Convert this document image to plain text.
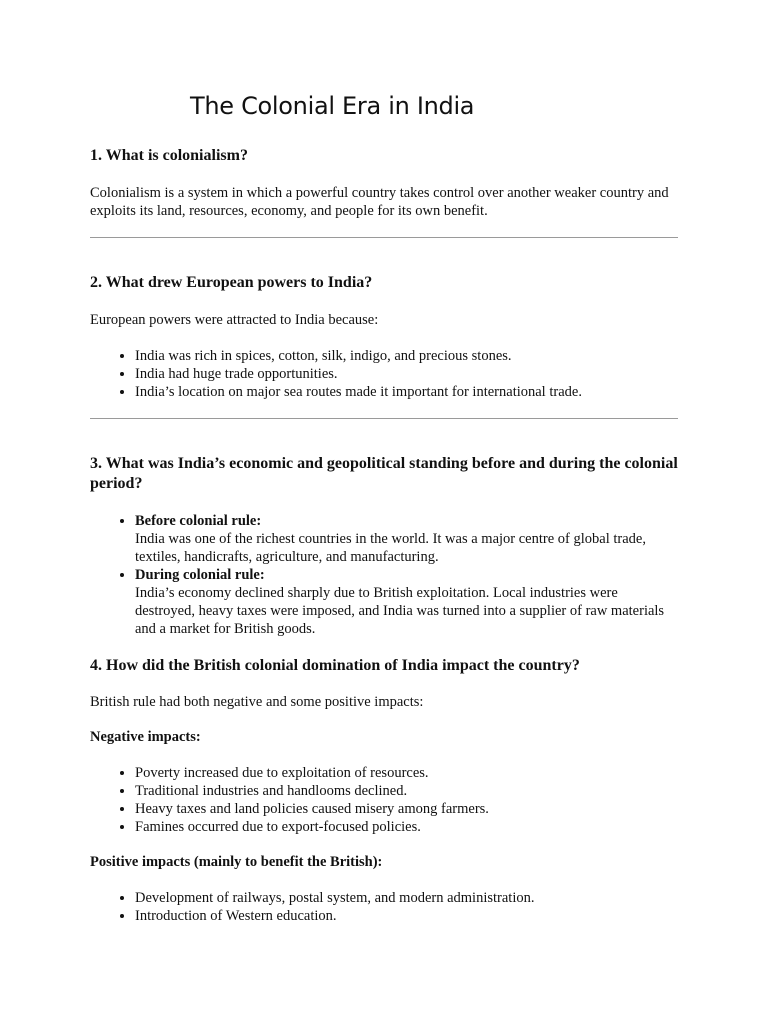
The Colonial Era in India
1. What is colonialism?

Colonialism is a system in which a powerful country takes control over another weaker country and exploits its land, resources, economy, and people for its own benefit.

2. What drew European powers to India?

European powers were attracted to India because:

• India was rich in spices, cotton, silk, indigo, and precious stones.
• India had huge trade opportunities.
• India’s location on major sea routes made it important for international trade.
3. What was India’s economic and geopolitical standing before and during the colonial period?
• Before colonial rule:
India was one of the richest countries in the world. It was a major centre of global trade, textiles, handicrafts, agriculture, and manufacturing.
• During colonial rule:
India’s economy declined sharply due to British exploitation. Local industries were destroyed, heavy taxes were imposed, and India was turned into a supplier of raw materials and a market for British goods.
4. How did the British colonial domination of India impact the country?

British rule had both negative and some positive impacts:

Negative impacts:

• Poverty increased due to exploitation of resources.
• Traditional industries and handlooms declined.
• Heavy taxes and land policies caused misery among farmers.
• Famines occurred due to export-focused policies.

Positive impacts (mainly to benefit the British):

• Development of railways, postal system, and modern administration.
• Introduction of Western education.
